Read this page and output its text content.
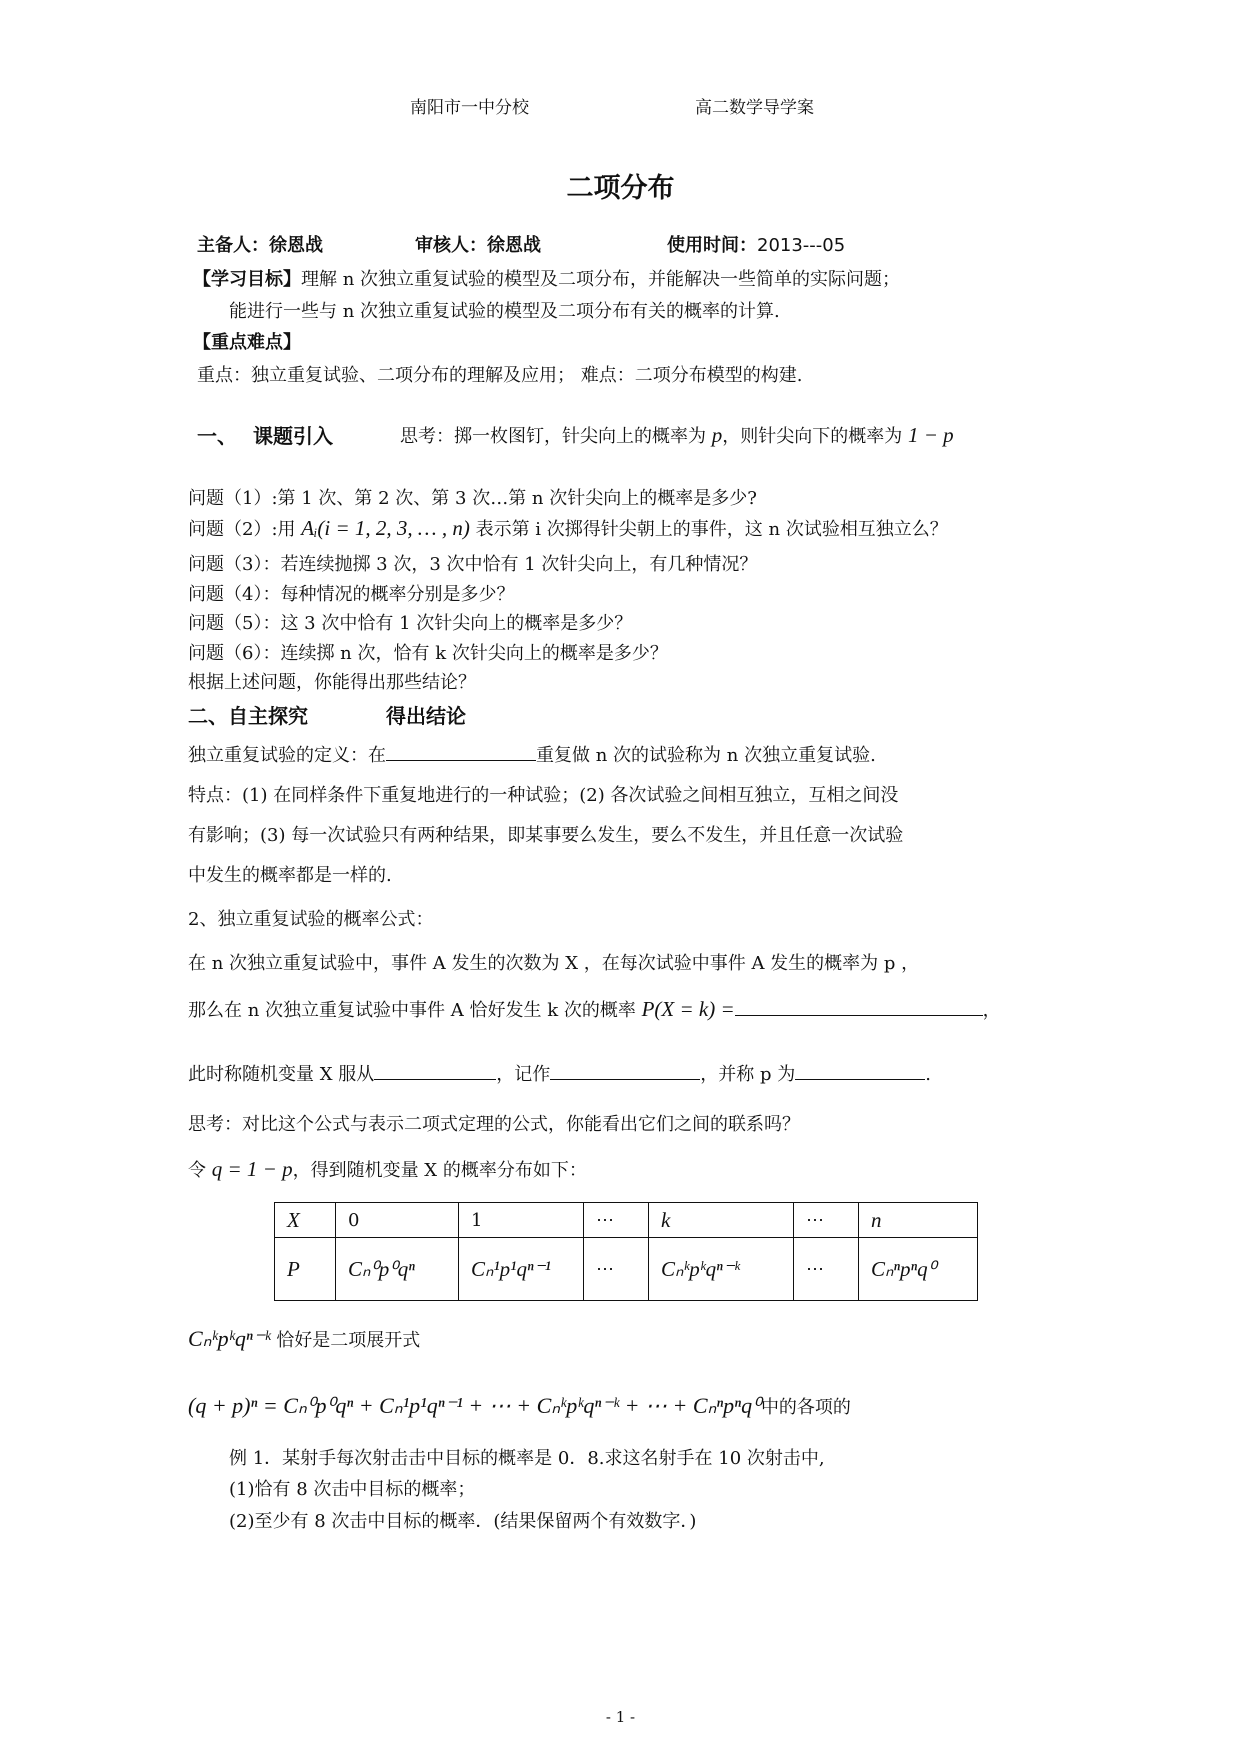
南阳市一中分校	高二数学导学案
二项分布
主备人：徐恩战	审核人：徐恩战	使用时间：2013---05
【学习目标】理解 n 次独立重复试验的模型及二项分布，并能解决一些简单的实际问题；
能进行一些与 n 次独立重复试验的模型及二项分布有关的概率的计算.
【重点难点】
重点：独立重复试验、二项分布的理解及应用； 难点：二项分布模型的构建.
一、 课题引入	思考：掷一枚图钉，针尖向上的概率为 p，则针尖向下的概率为 1 − p
问题（1）:第 1 次、第 2 次、第 3 次…第 n 次针尖向上的概率是多少?
问题（2）:用 Aᵢ(i = 1, 2, 3, … , n) 表示第 i 次掷得针尖朝上的事件，这 n 次试验相互独立么？
问题（3）：若连续抛掷 3 次，3 次中恰有 1 次针尖向上，有几种情况？
问题（4）：每种情况的概率分别是多少？
问题（5）：这 3 次中恰有 1 次针尖向上的概率是多少？
问题（6）：连续掷 n 次，恰有 k 次针尖向上的概率是多少？
根据上述问题，你能得出那些结论？
二、自主探究	得出结论
独立重复试验的定义：在	重复做 n 次的试验称为 n 次独立重复试验.
特点：(1) 在同样条件下重复地进行的一种试验；(2) 各次试验之间相互独立，互相之间没
有影响；(3) 每一次试验只有两种结果，即某事要么发生，要么不发生，并且任意一次试验
中发生的概率都是一样的.
2、独立重复试验的概率公式：
在 n 次独立重复试验中，事件 A 发生的次数为 X ，在每次试验中事件 A 发生的概率为 p ，
那么在 n 次独立重复试验中事件 A 恰好发生 k 次的概率 P(X = k) =	，
此时称随机变量 X 服从	，记作	，并称 p 为	.
思考：对比这个公式与表示二项式定理的公式，你能看出它们之间的联系吗？
令 q = 1 − p，得到随机变量 X 的概率分布如下：
X	0	1	⋯	k	⋯	n
P	Cₙ⁰p⁰qⁿ	Cₙ¹p¹qⁿ⁻¹	⋯	Cₙᵏpᵏqⁿ⁻ᵏ	⋯	Cₙⁿpⁿq⁰
Cₙᵏpᵏqⁿ⁻ᵏ 恰好是二项展开式
(q + p)ⁿ = Cₙ⁰p⁰qⁿ + Cₙ¹p¹qⁿ⁻¹ + ⋯ + Cₙᵏpᵏqⁿ⁻ᵏ + ⋯ + Cₙⁿpⁿq⁰中的各项的
例 1．某射手每次射击击中目标的概率是 0．8.求这名射手在 10 次射击中,
(1)恰有 8 次击中目标的概率；
(2)至少有 8 次击中目标的概率．(结果保留两个有效数字．)
- 1 -
